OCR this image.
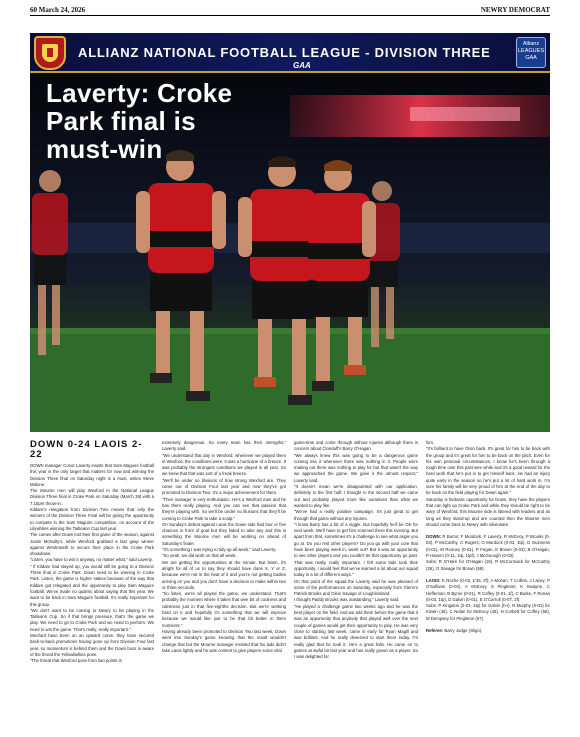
60 March 24, 2026	NEWRY DEMOCRAT
ALLIANZ NATIONAL FOOTBALL LEAGUE - DIVISION THREE
GAA
Allianz
LEAGUES
GAA
Laverty: Croke
Park final is
must-win
DOWN 0-24 LAOIS 2-22

DOWN manager Conor Laverty insists that Sam Maguire football this year is the only target that matters for now and winning the Division Three final on Saturday night is a must, writes Steve Malone.

The Mourne men will play Wexford in the National League Division Three final in Croke Park on Saturday (March 28) with a 7.15pm throw-in.

Kildare's relegation from Division Two means that only the winners of the Division Three Final will be giving the opportunity to compete in the Sam Maguire competition, on account of the Lilywhites winning the Tailteann Cup last year.

The comes after Down lost their first game of the season, against Justin McNulty's, while Wexford grabbed a last gasp winner against Westmeath to secure their place in the Croke Park showdown.

"Listen, you have to win it anyway, no matter what," said Laverty.

" If Kildare had stayed up, you would still be going to a Division Three final in Croke Park. Down need to be winning in Croke Park. Listen, the game is higher stakes because of the way that Kildare got relegated and the opportunity to play Sam Maguire football. We've made no qualms about saying that this year. We want to be back in Sam Maguire football. It's really important for this group.

"We don't want to be coming to Newry to be playing in the Tailteann Cup. So if that brings pressure, that's the game we play. We need to go to Croke Park and we need to perform. We need to win the game. That's really, really important."

Wexford have been on an upward curve, they have secured back-to-back promotions having gone up from Division Four last year, so momentum is behind them and the Down boss is aware of the threat the Yellowbellies pose.

"The threat that Wexford pose from two points is

extremely dangerous. So every team has their strengths," Laverty said.

"We understand that day in Wexford, whenever we played them in Wexford, the conditions were, it was a hurricane of a breeze. It was probably the strongest conditions we played in all year. So we knew that that was sort of a freak breeze.

"We'll be under no illusions of how strong Wexford are. They came out of Division Four last year and now they've got promoted to Division Two. It's a major achievement for them.

"Their manager is very enthusiastic. He's a Wexford man and he has them really playing. And you can see that passion that they're playing with. So we'll be under no illusions that they'll be coming to Croke Park to take a scalp."

On Sunday's defeat against Laois the Down side had four or five chances in front of goal but they failed to take any and this is something the Mourne men will be working on ahead of Saturday's finale.

"It's something I was trying to tidy up all week," said Laverty.

"So yeah, we did work on that all week.

We are getting the opportunities at the minute. But listen, it's alright for all of us to say they should have done X, Y or Z, because we're not in the heat of it and you're not getting bodies arriving on you and you don't have a decision to make within two or three seconds.

"So listen, we're all played the game, we understand. That's probably the moment where it takes that wee bit of coolness and calmness just in that five-eighths decision. But we're working hard on it and hopefully it's something that we will improve because we would like just to be that bit better in them moments."

Having already been promoted to Division Two last week, Down went into Sunday's game knowing that the result wouldn't change that but the Mourne manager insisted that his lads didn't take Laois lightly and he was content to give players some vital

game-time and come through without injuries although there is concern about Clonduff's Barry O'Hagan.

"We always knew this was going to be a dangerous game coming into it whenever there was nothing in it. People were making out there was nothing to play for but that wasn't the way we approached the game. We gave it the utmost respect," Laverty said.

"It doesn't mean we're disappointed with our application, definitely in the first half. I thought in the second half we came out and probably played more like ourselves than what we wanted to play like.

"We've had a really positive campaign. It's just great to get through that game without any injuries.

"I know Barry has a bit of a niggle. But hopefully he'll be OK for next week. We'll have to get him scanned there this evening. But apart from that, sometimes it's a challenge to see what angle you go at. Do you rest other players? Do you go with your core that have been playing week in, week out? But it was an opportunity to see other players and you couldn't let that opportunity go past. That was really, really important. I felt some lads took their opportunity. I would feel that we've learned a lot about our squad today in a lot of different ways."

On that point of the squad the Laverty said he was pleased of some of the performances on Saturday, especially from Glenn's Patrick Brooks and Oisin Savage of Loughinisland.

I thought Paddy Brooks was outstanding," Laverty said.

"He played a challenge game two weeks ago and he was the best player on the field. And we told them before the game that it was an opportunity that anybody that played well over the next couple of games would get their opportunity to play. He was very close to starting last week, came in early for Ryan Magill and was brilliant. And he really deserved to start there today. I'm really glad that he took it. He's a great fella. He came on to games at awful bit last year and has really grown as a player. So I was delighted for

him.

"It's brilliant to have Oisin back. It's great for him to be back with the group and it's great for him to be back on the pitch. Even for his own personal circumstances. I know he's been through a tough time over this past wee while and it's a good reward for the hard work that he's put in to get himself back. He had an injury quite early in the season so he's put a lot of hard work in. I'm sure his family will be very proud of him at the end of the day to be back on the field playing for Down again."

Saturday is fantastic opportunity for Down, they have the players that can light up Croke Park and while they should be right to be wary of Wexford, this Mourne side is littered with leaders and as long as they stand-up and are counted then the Mourne men should come back to Newry with silverware.

DOWN: R Burns; F Murdock, F Laverty, R McEvoy, P Brooks (0-03), P McCarthy, C Rogers; O Murdock (0-03, 1tp), D Guinness (0-01), M Rooney (0-01), P Fegan, E Brown (0-03); B O'Hagan, P Havern (0-11, 1tp, 1tpf), J McGeough (0-03).

Subs: R O'Hare for O'Hagan (19), R McCormack for McCarthy (36), O Savage for Brown (58).

LAOIS: K Roche (0-03, 1'45, 2f); A Mohan, T Collins, J Lacey; P O'Sullivan (0-02), A McEvoy, S Pingleton; K Swayne, C Heffernan; B Byrne (0-01), R Coffey (0-01, 1f), C Burke, F Ronan (0-03, 1tp), D Galvin (0-01), E O'Carroll (0-07, 2f).

Subs: P Kingston (2-03, 1tp) for Galvin (h-t), R Murphy (0-01) for Kirwin (48), C Nolan for McEvoy (49), N Corbett for Coffey (58), M Dempsey for Pingleton (67).

Referee: Barry Judge (Sligo).
